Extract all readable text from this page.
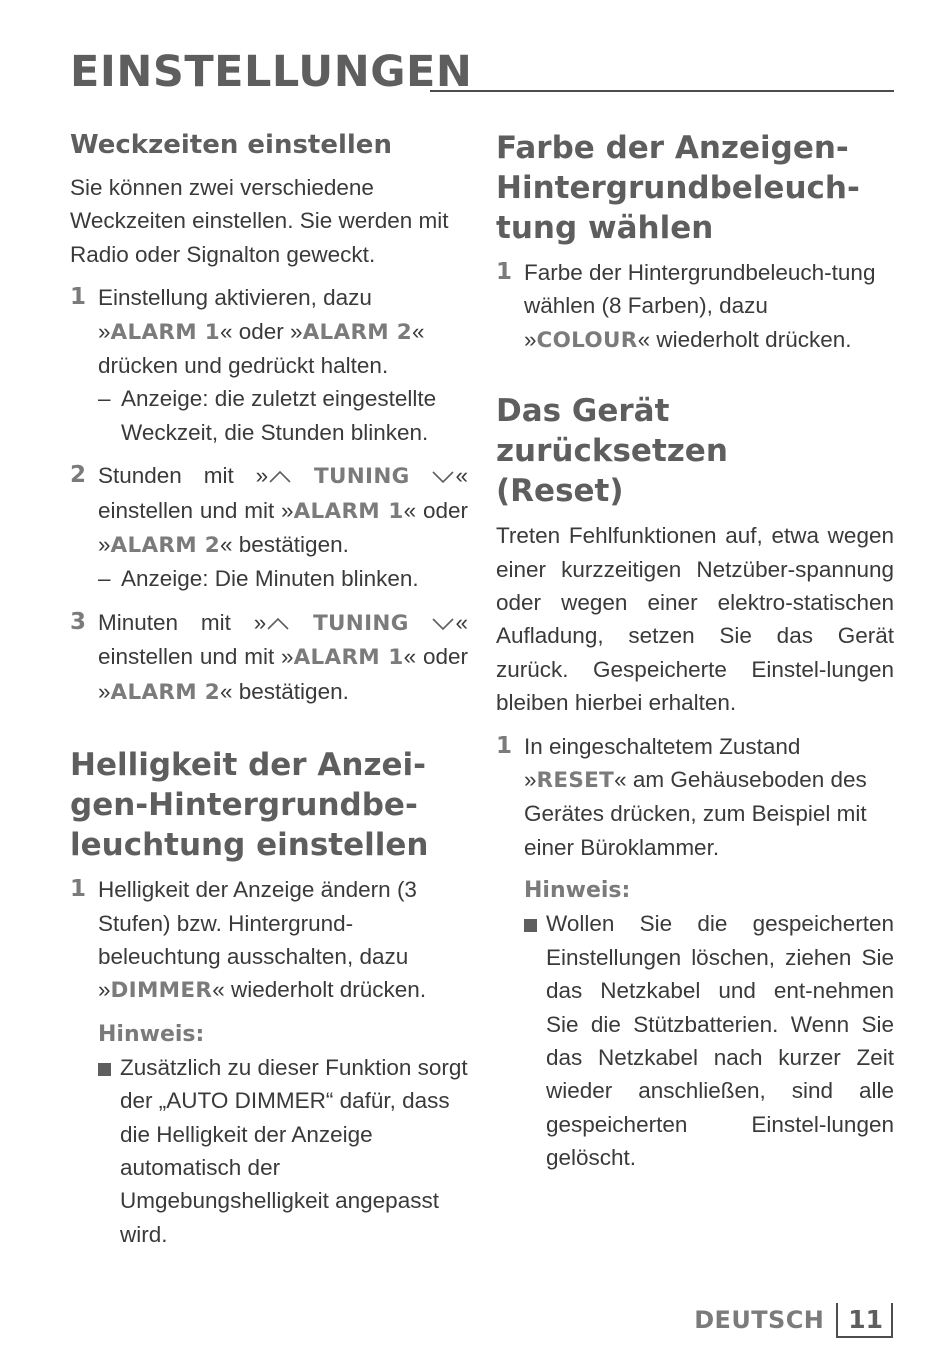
EINSTELLUNGEN
Weckzeiten einstellen

Sie können zwei verschiedene Weckzeiten einstellen. Sie werden mit Radio oder Signalton geweckt.

1 Einstellung aktivieren, dazu »ALARM 1« oder »ALARM 2« drücken und gedrückt halten.
– Anzeige: die zuletzt eingestellte Weckzeit, die Stunden blinken.
2 Stunden mit » TUNING « einstellen und mit »ALARM 1« oder »ALARM 2« bestätigen.
– Anzeige: Die Minuten blinken.
3 Minuten mit » TUNING « einstellen und mit »ALARM 1« oder »ALARM 2« bestätigen.
Helligkeit der Anzei-
gen-Hintergrundbe-
leuchtung einstellen
1 Helligkeit der Anzeige ändern (3 Stufen) bzw. Hintergrund-beleuchtung ausschalten, dazu »DIMMER« wiederholt drücken.
Hinweis:
Zusätzlich zu dieser Funktion sorgt der „AUTO DIMMER“ dafür, dass die Helligkeit der Anzeige automatisch der Umgebungshelligkeit angepasst wird.
Farbe der Anzeigen-
Hintergrundbeleuch-
tung wählen
1 Farbe der Hintergrundbeleuch-tung wählen (8 Farben), dazu »COLOUR« wiederholt drücken.
Das Gerät zurücksetzen
(Reset)

Treten Fehlfunktionen auf, etwa wegen einer kurzzeitigen Netzüber-spannung oder wegen einer elektro-statischen Aufladung, setzen Sie das Gerät zurück. Gespeicherte Einstel-lungen bleiben hierbei erhalten.

1 In eingeschaltetem Zustand »RESET« am Gehäuseboden des Gerätes drücken, zum Beispiel mit einer Büroklammer.
Hinweis:
Wollen Sie die gespeicherten Einstellungen löschen, ziehen Sie das Netzkabel und ent-nehmen Sie die Stützbatterien. Wenn Sie das Netzkabel nach kurzer Zeit wieder anschließen, sind alle gespeicherten Einstel-lungen gelöscht.
DEUTSCH 11
